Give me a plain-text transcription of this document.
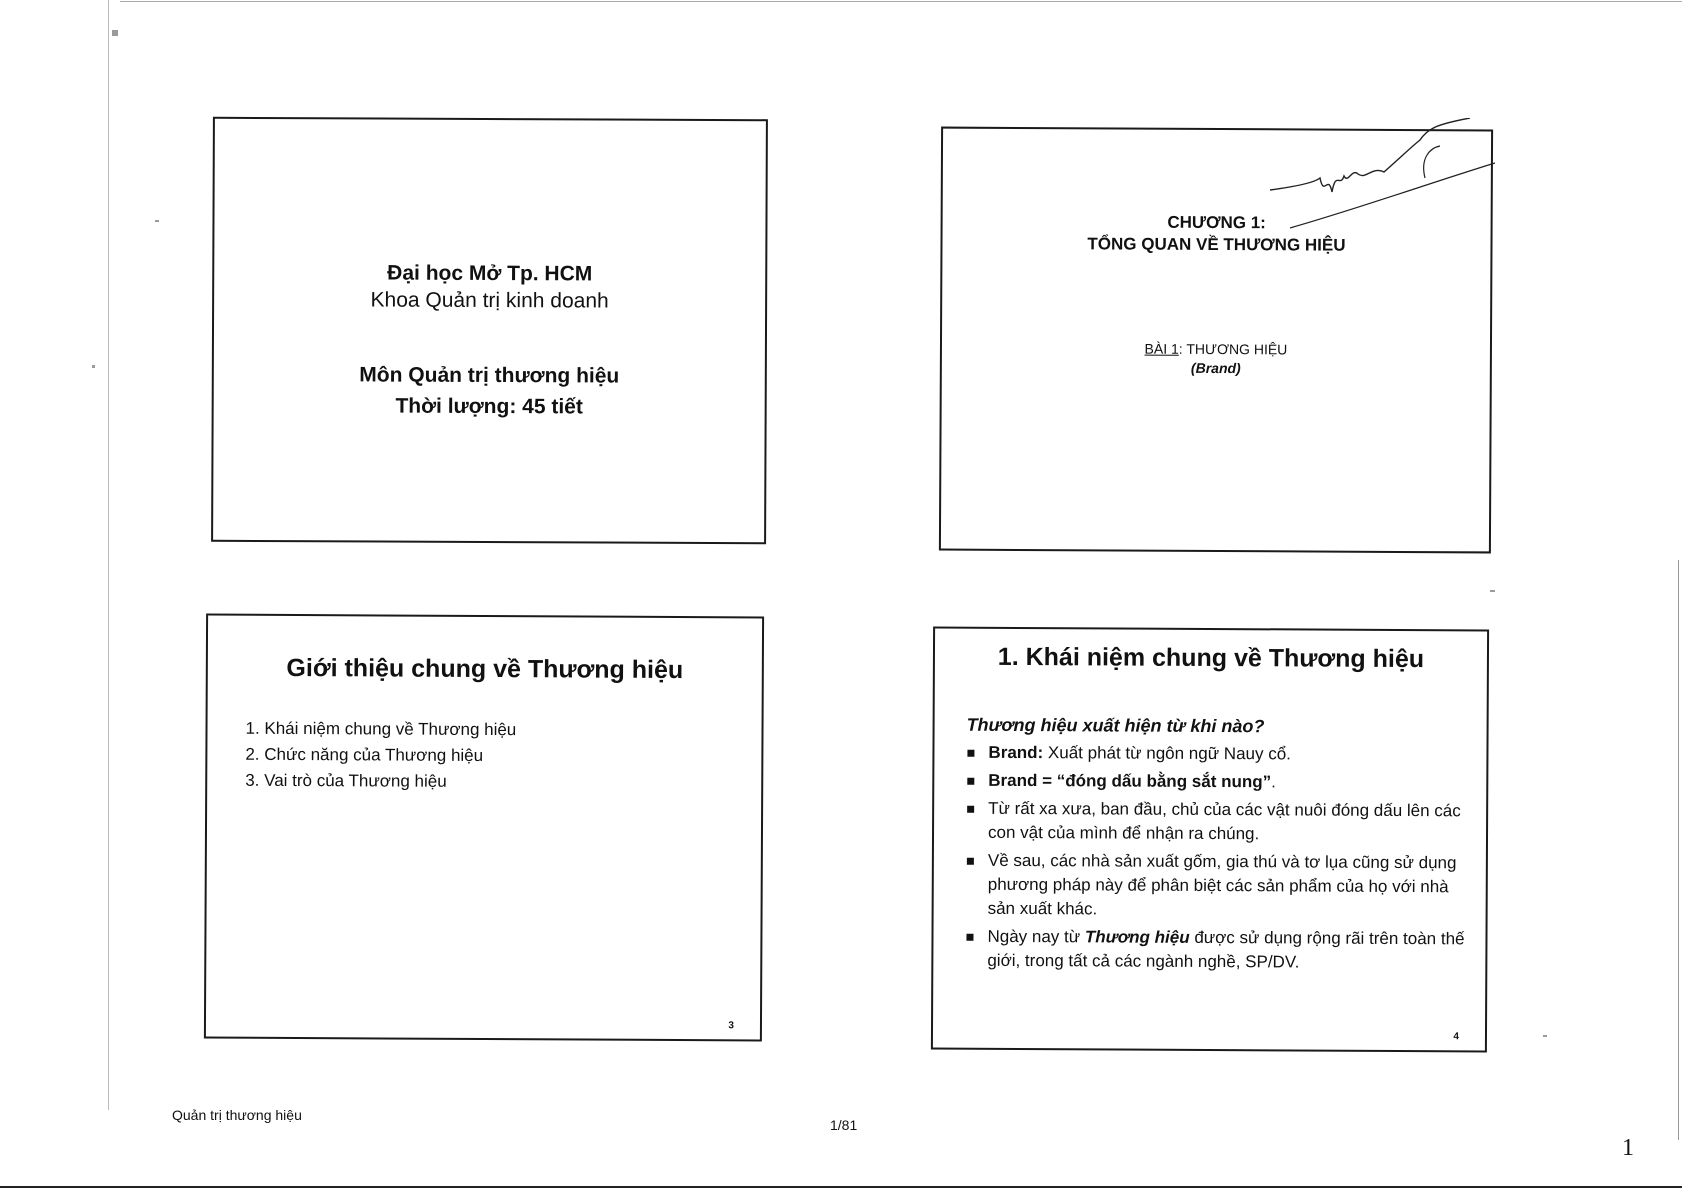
Đại học Mở Tp. HCM
Khoa Quản trị kinh doanh
Môn Quản trị thương hiệu
Thời lượng: 45 tiết
CHƯƠNG 1:
TỔNG QUAN VỀ THƯƠNG HIỆU
BÀI 1: THƯƠNG HIỆU
(Brand)
Giới thiệu chung về Thương hiệu
1. Khái niệm chung về Thương hiệu
2. Chức năng của Thương hiệu
3. Vai trò của Thương hiệu
3
1. Khái niệm chung về Thương hiệu
Thương hiệu xuất hiện từ khi nào?
Brand: Xuất phát từ ngôn ngữ Nauy cổ.
Brand = “đóng dấu bằng sắt nung”.
Từ rất xa xưa, ban đầu, chủ của các vật nuôi đóng dấu lên các con vật của mình để nhận ra chúng.
Về sau, các nhà sản xuất gốm, gia thú và tơ lụa cũng sử dụng phương pháp này để phân biệt các sản phẩm của họ với nhà sản xuất khác.
Ngày nay từ Thương hiệu được sử dụng rộng rãi trên toàn thế giới, trong tất cả các ngành nghề, SP/DV.
4
Quản trị thương hiệu
1/81
1
